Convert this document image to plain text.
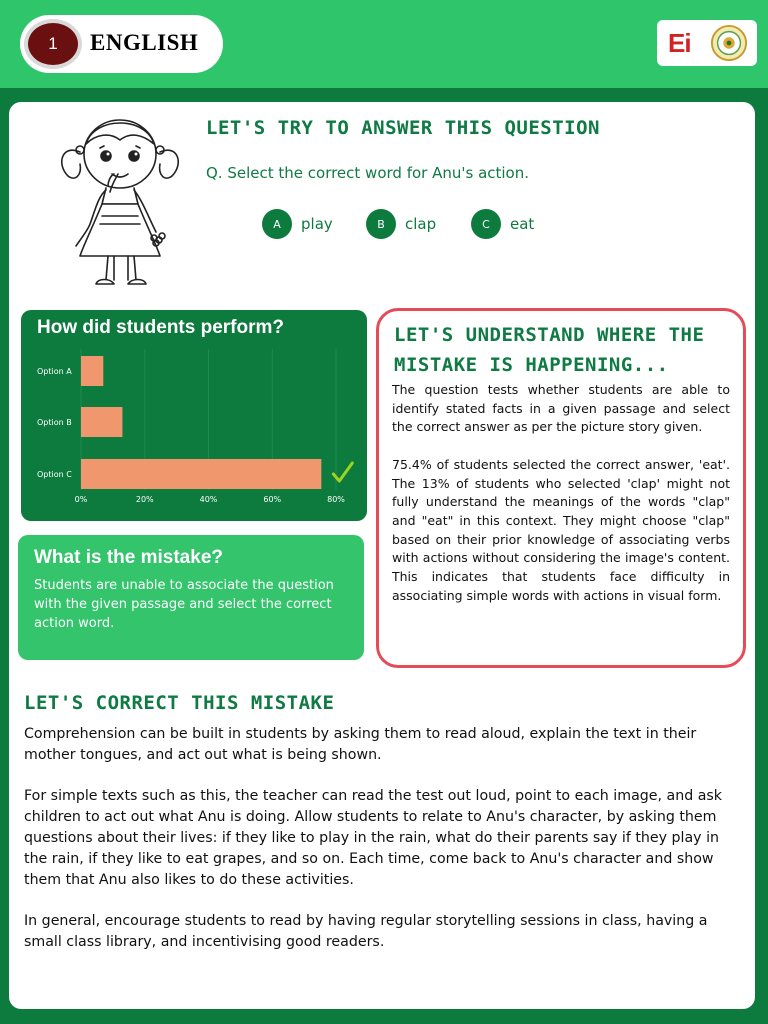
1	ENGLISH	Ei
LET'S TRY TO ANSWER THIS QUESTION
Q. Select the correct word for Anu's action.
A	play	B	clap	C	eat
How did students perform?
0%	20%	40%	60%	80%
Option A
Option B
Option C
What is the mistake?
Students are unable to associate the question with the given passage and select the correct action word.
LET'S UNDERSTAND WHERE THE MISTAKE IS HAPPENING...

The question tests whether students are able to identify stated facts in a given passage and select the correct answer as per the picture story given.

75.4% of students selected the correct answer, 'eat'. The 13% of students who selected 'clap' might not fully understand the meanings of the words "clap" and "eat" in this context. They might choose "clap" based on their prior knowledge of associating verbs with actions without considering the image's content. This indicates that students face difficulty in associating simple words with actions in visual form.

LET'S CORRECT THIS MISTAKE

Comprehension can be built in students by asking them to read aloud, explain the text in their mother tongues, and act out what is being shown.

For simple texts such as this, the teacher can read the test out loud, point to each image, and ask children to act out what Anu is doing. Allow students to relate to Anu's character, by asking them questions about their lives: if they like to play in the rain, what do their parents say if they play in the rain, if they like to eat grapes, and so on. Each time, come back to Anu's character and show them that Anu also likes to do these activities.

In general, encourage students to read by having regular storytelling sessions in class, having a small class library, and incentivising good readers.
